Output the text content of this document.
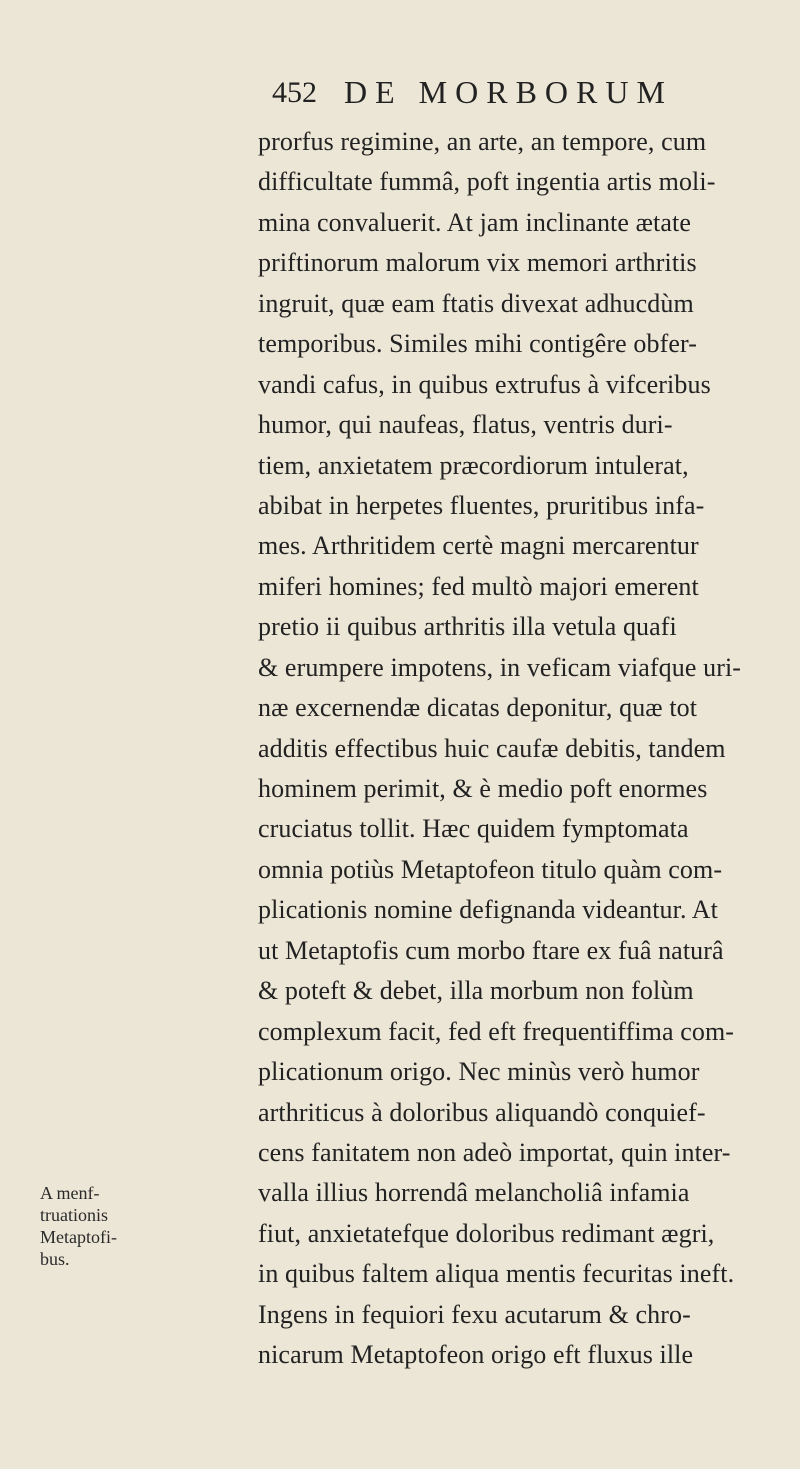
452 DE MORBORUM
prorfus regimine, an arte, an tempore, cum
difficultate fummâ, poft ingentia artis moli-
mina convaluerit. At jam inclinante ætate
priftinorum malorum vix memori arthritis
ingruit, quæ eam ftatis divexat adhucdùm
temporibus. Similes mihi contigêre obfer-
vandi cafus, in quibus extrufus à vifceribus
humor, qui naufeas, flatus, ventris duri-
tiem, anxietatem præcordiorum intulerat,
abibat in herpetes fluentes, pruritibus infa-
mes. Arthritidem certè magni mercarentur
miferi homines; fed multò majori emerent
pretio ii quibus arthritis illa vetula quafi
& erumpere impotens, in veficam viafque uri-
næ excernendæ dicatas deponitur, quæ tot
additis effectibus huic caufæ debitis, tandem
hominem perimit, & è medio poft enormes
cruciatus tollit. Hæc quidem fymptomata
omnia potiùs Metaptofeon titulo quàm com-
plicationis nomine defignanda videantur. At
ut Metaptofis cum morbo ftare ex fuâ naturâ
& poteft & debet, illa morbum non folùm
complexum facit, fed eft frequentiffima com-
plicationum origo. Nec minùs verò humor
arthriticus à doloribus aliquandò conquief-
cens fanitatem non adeò importat, quin inter-
valla illius horrendâ melancholiâ infamia
fiut, anxietatefque doloribus redimant ægri,
in quibus faltem aliqua mentis fecuritas ineft.
Ingens in fequiori fexu acutarum & chro-
nicarum Metaptofeon origo eft fluxus ille
A menf-
truationis
Metaptofi-
bus.
